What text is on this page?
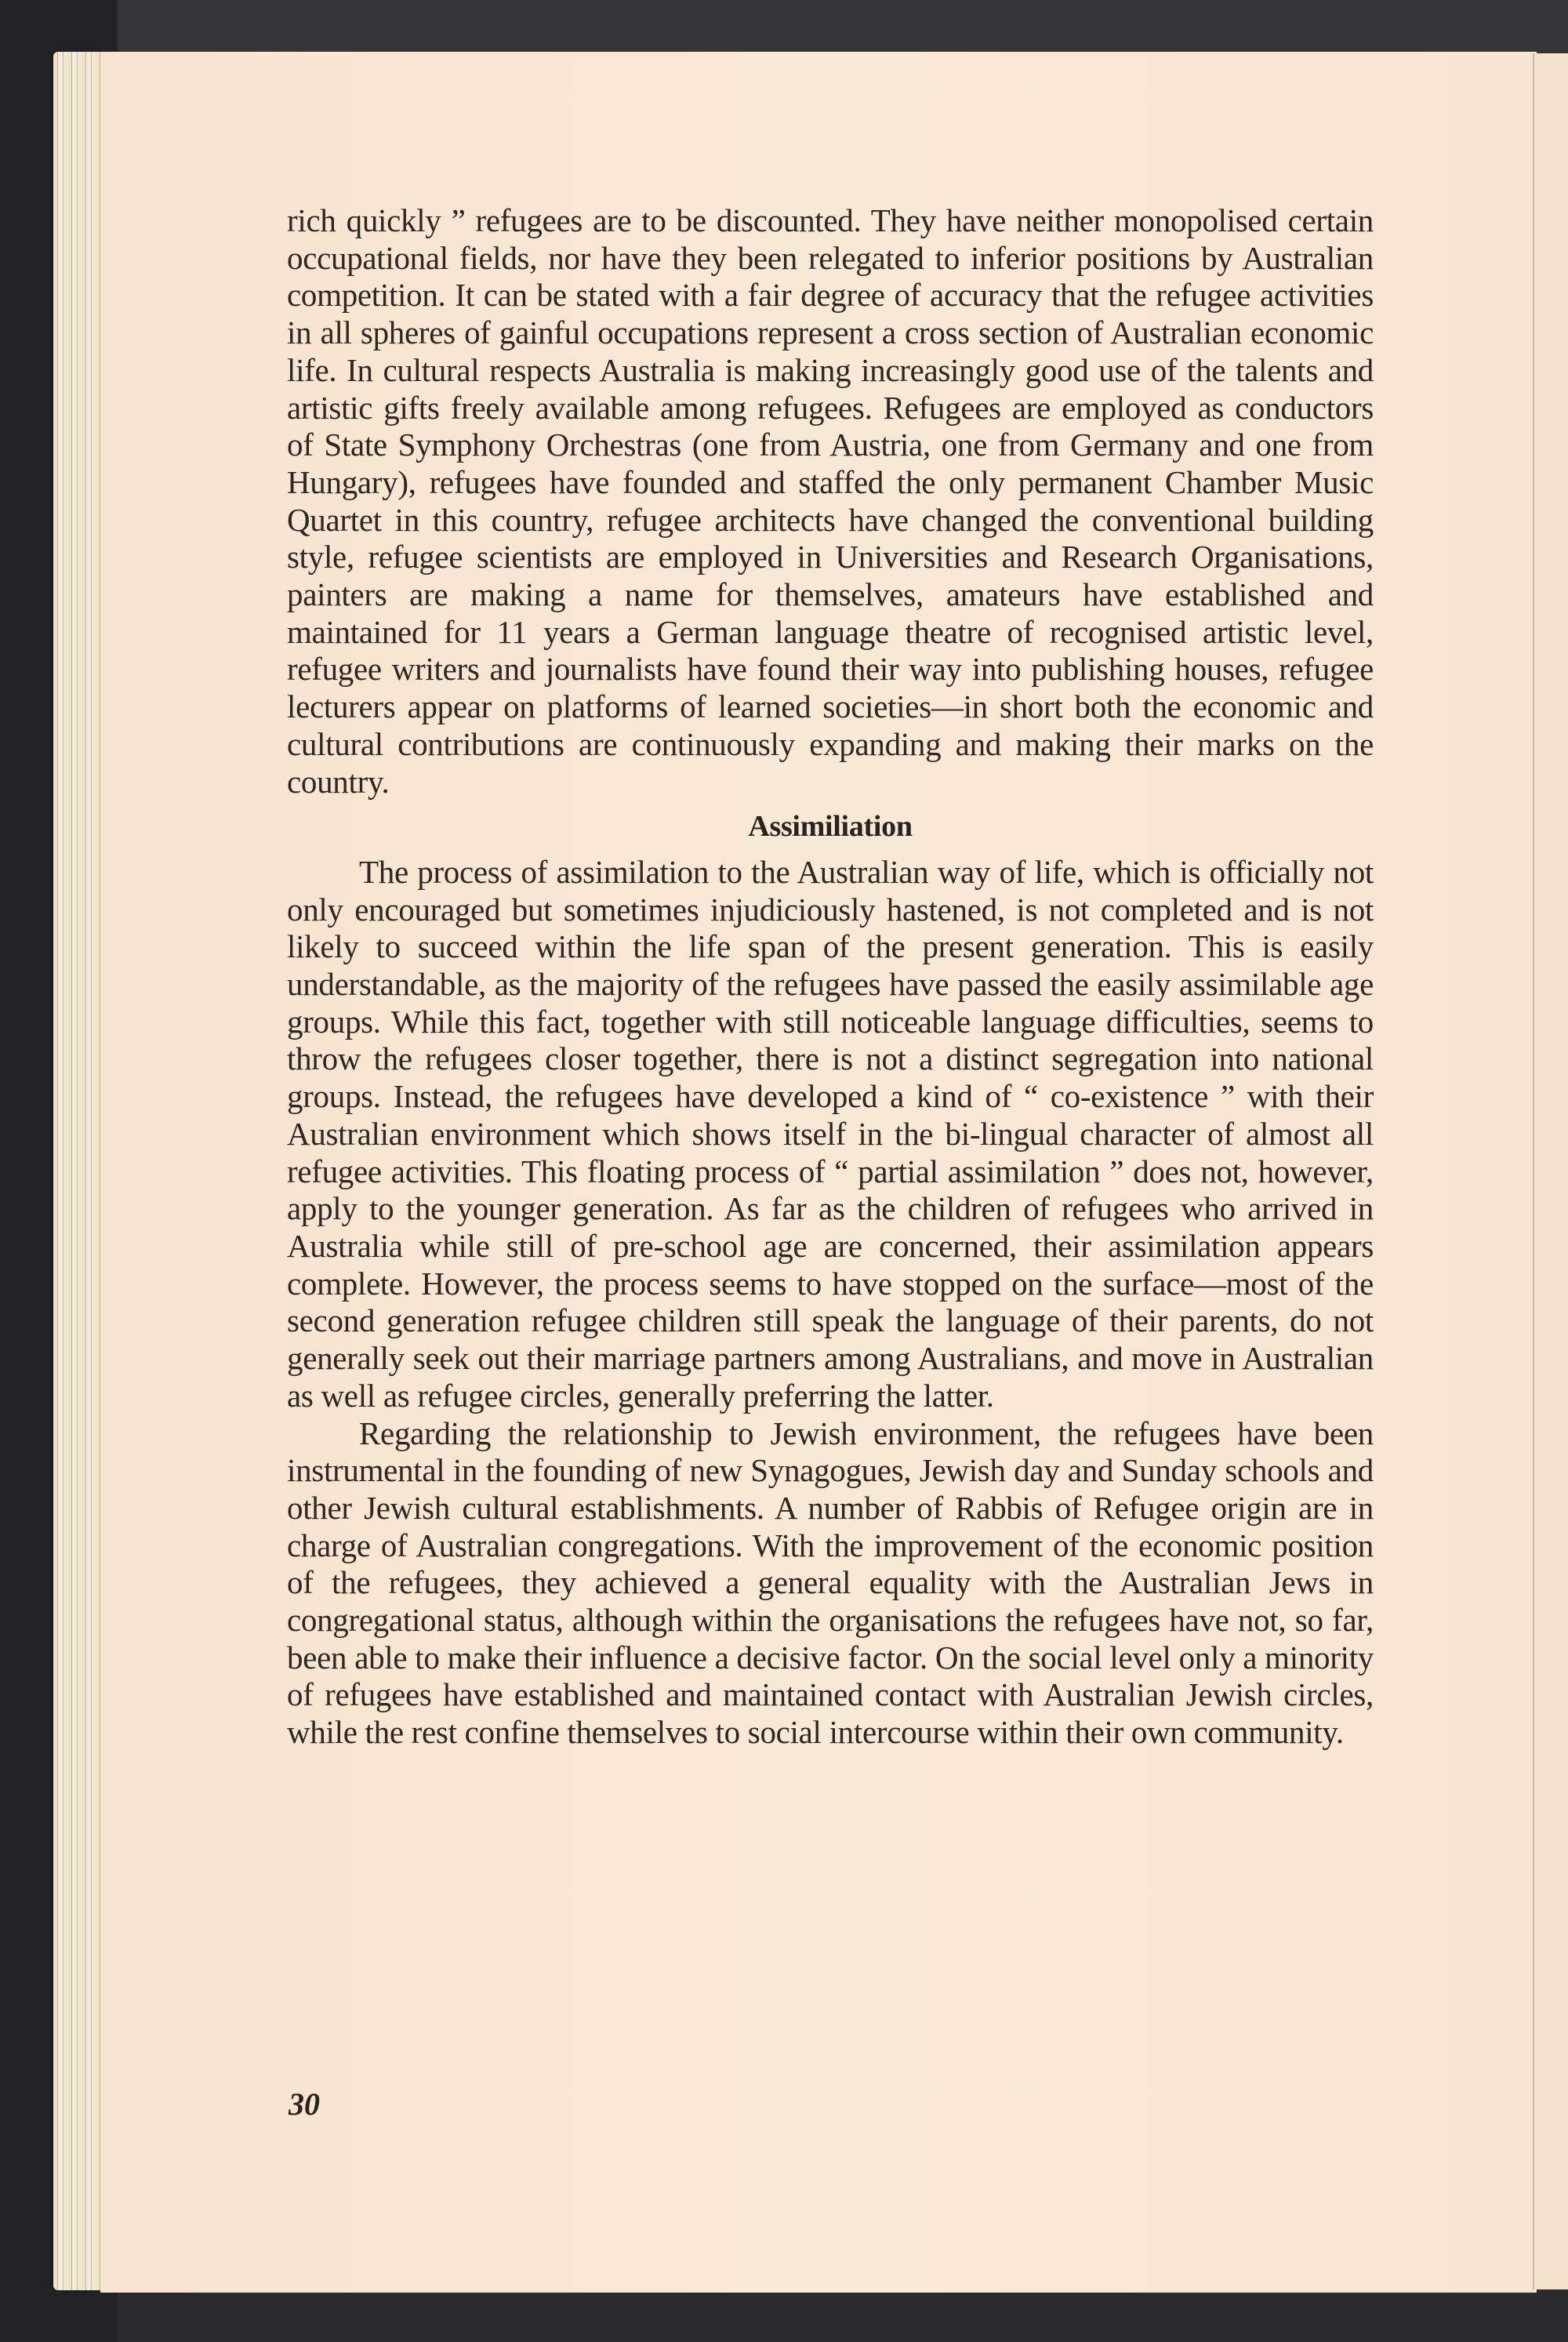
rich quickly ” refugees are to be discounted. They have neither monopolised certain occupational fields, nor have they been relegated to inferior positions by Australian competition. It can be stated with a fair degree of accuracy that the refugee activities in all spheres of gainful occupations represent a cross section of Australian economic life. In cultural respects Australia is making increasingly good use of the talents and artistic gifts freely available among refugees. Refugees are employed as conductors of State Symphony Orchestras (one from Austria, one from Germany and one from Hungary), refugees have founded and staffed the only permanent Chamber Music Quartet in this country, refugee architects have changed the conventional building style, refugee scientists are employed in Universities and Research Organisations, painters are making a name for themselves, amateurs have established and maintained for 11 years a German language theatre of recognised artistic level, refugee writers and journalists have found their way into publishing houses, refugee lecturers appear on platforms of learned societies—in short both the economic and cultural contributions are continuously expanding and making their marks on the country.

Assimiliation

The process of assimilation to the Australian way of life, which is officially not only encouraged but sometimes injudiciously hastened, is not completed and is not likely to succeed within the life span of the present generation. This is easily understandable, as the majority of the refugees have passed the easily assimilable age groups. While this fact, together with still noticeable language difficulties, seems to throw the refugees closer together, there is not a distinct segregation into national groups. Instead, the refugees have developed a kind of “ co-existence ” with their Australian environment which shows itself in the bi-lingual character of almost all refugee activities. This floating process of “ partial assimilation ” does not, however, apply to the younger generation. As far as the children of refugees who arrived in Australia while still of pre-school age are concerned, their assimilation appears complete. However, the process seems to have stopped on the surface—most of the second generation refugee children still speak the language of their parents, do not generally seek out their marriage partners among Australians, and move in Australian as well as refugee circles, generally preferring the latter.

Regarding the relationship to Jewish environment, the refugees have been instrumental in the founding of new Synagogues, Jewish day and Sunday schools and other Jewish cultural establishments. A number of Rabbis of Refugee origin are in charge of Australian congregations. With the improvement of the economic position of the refugees, they achieved a general equality with the Australian Jews in congregational status, although within the organisations the refugees have not, so far, been able to make their influence a decisive factor. On the social level only a minority of refugees have established and maintained contact with Australian Jewish circles, while the rest confine themselves to social intercourse within their own community.

30
